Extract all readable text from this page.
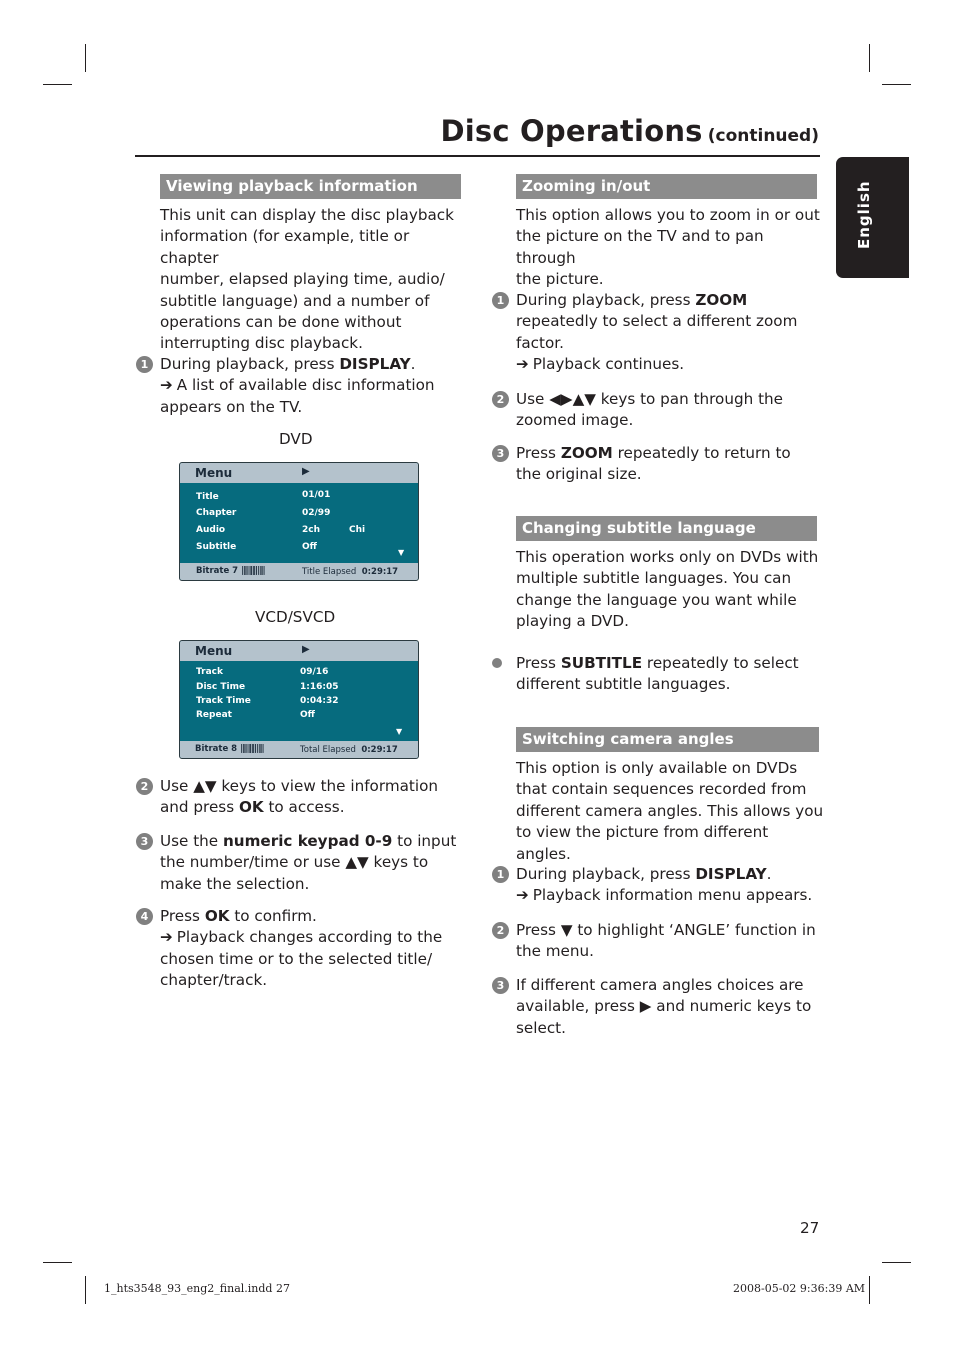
Disc Operations (continued)
English
Viewing playback information
This unit can display the disc playback
information (for example, title or chapter
number, elapsed playing time, audio/
subtitle language) and a number of
operations can be done without
interrupting disc playback.
1 During playback, press DISPLAY.
➔ A list of available disc information
appears on the TV.
DVD
Menu	▶
Title	01/01
Chapter	02/99
Audio	2ch	Chi
Subtitle	Off
▼
Bitrate 7 |‖|‖‖||‖|	Title Elapsed 0:29:17
VCD/SVCD
Menu	▶
Track	09/16
Disc Time	1:16:05
Track Time	0:04:32
Repeat	Off
▼
Bitrate 8 |‖|‖‖||‖|	Total Elapsed 0:29:17
2 Use ▲▼ keys to view the information
and press OK to access.
3 Use the numeric keypad 0-9 to input
the number/time or use ▲▼ keys to
make the selection.
4 Press OK to confirm.
➔ Playback changes according to the
chosen time or to the selected title/
chapter/track.
Zooming in/out
This option allows you to zoom in or out
the picture on the TV and to pan through
the picture.
1 During playback, press ZOOM
repeatedly to select a different zoom
factor.
➔ Playback continues.
2 Use ◀▶▲▼ keys to pan through the
zoomed image.
3 Press ZOOM repeatedly to return to
the original size.
Changing subtitle language
This operation works only on DVDs with
multiple subtitle languages. You can
change the language you want while
playing a DVD.
Press SUBTITLE repeatedly to select
different subtitle languages.
Switching camera angles
This option is only available on DVDs
that contain sequences recorded from
different camera angles. This allows you
to view the picture from different angles.
1 During playback, press DISPLAY.
➔ Playback information menu appears.
2 Press ▼ to highlight ‘ANGLE’ function in
the menu.
3 If different camera angles choices are
available, press ▶ and numeric keys to
select.
27
1_hts3548_93_eng2_final.indd 27	2008-05-02 9:36:39 AM
